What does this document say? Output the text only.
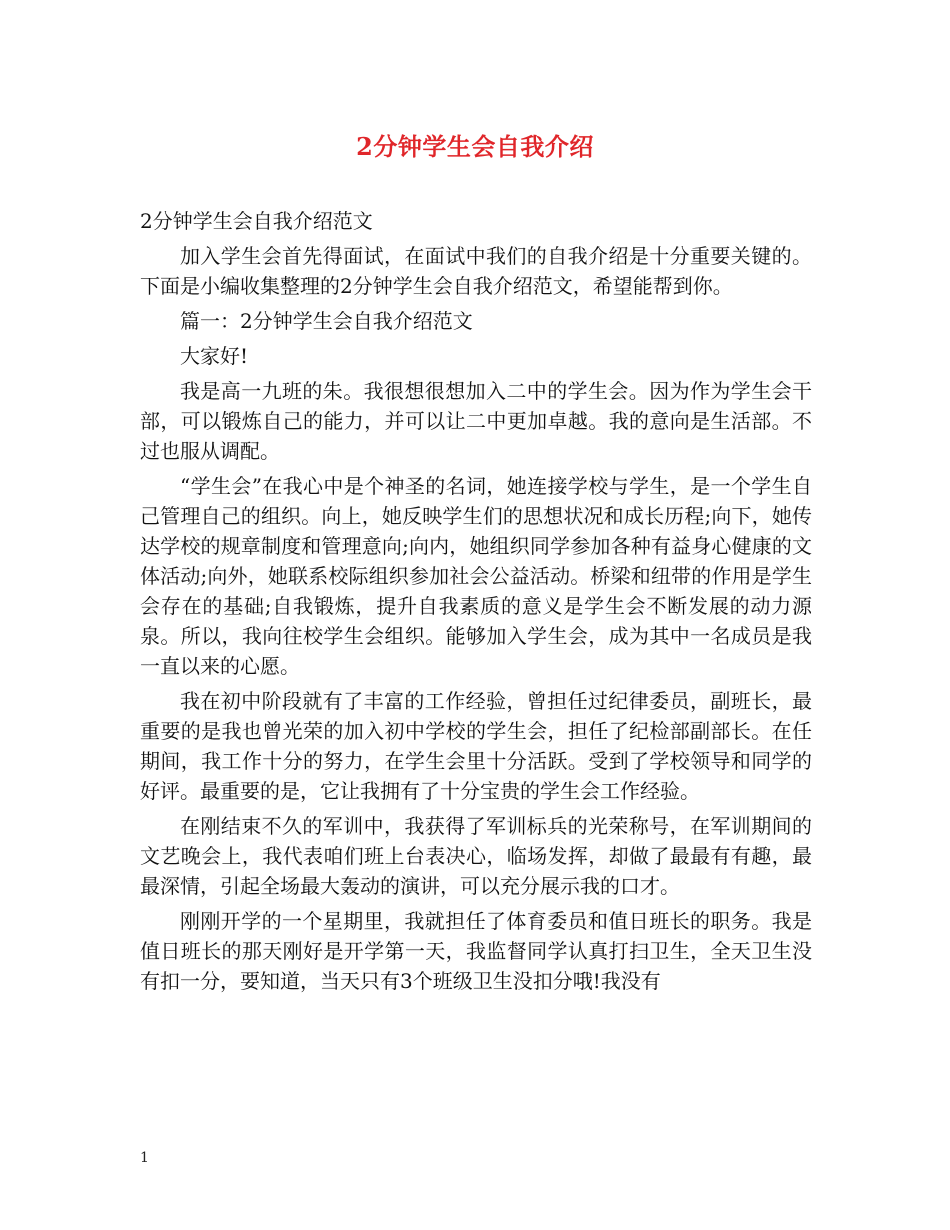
2分钟学生会自我介绍

2分钟学生会自我介绍范文

加入学生会首先得面试，在面试中我们的自我介绍是十分重要关键的。下面是小编收集整理的2分钟学生会自我介绍范文，希望能帮到你。

篇一：2分钟学生会自我介绍范文

大家好!

我是高一九班的朱。我很想很想加入二中的学生会。因为作为学生会干部，可以锻炼自己的能力，并可以让二中更加卓越。我的意向是生活部。不过也服从调配。

“学生会”在我心中是个神圣的名词，她连接学校与学生，是一个学生自己管理自己的组织。向上，她反映学生们的思想状况和成长历程;向下，她传达学校的规章制度和管理意向;向内，她组织同学参加各种有益身心健康的文体活动;向外，她联系校际组织参加社会公益活动。桥梁和纽带的作用是学生会存在的基础;自我锻炼，提升自我素质的意义是学生会不断发展的动力源泉。所以，我向往校学生会组织。能够加入学生会，成为其中一名成员是我一直以来的心愿。

我在初中阶段就有了丰富的工作经验，曾担任过纪律委员，副班长，最重要的是我也曾光荣的加入初中学校的学生会，担任了纪检部副部长。在任期间，我工作十分的努力，在学生会里十分活跃。受到了学校领导和同学的好评。最重要的是，它让我拥有了十分宝贵的学生会工作经验。

在刚结束不久的军训中，我获得了军训标兵的光荣称号，在军训期间的文艺晚会上，我代表咱们班上台表决心，临场发挥，却做了最最有有趣，最最深情，引起全场最大轰动的演讲，可以充分展示我的口才。

刚刚开学的一个星期里，我就担任了体育委员和值日班长的职务。我是值日班长的那天刚好是开学第一天，我监督同学认真打扫卫生，全天卫生没有扣一分，要知道，当天只有3个班级卫生没扣分哦!我没有

1
